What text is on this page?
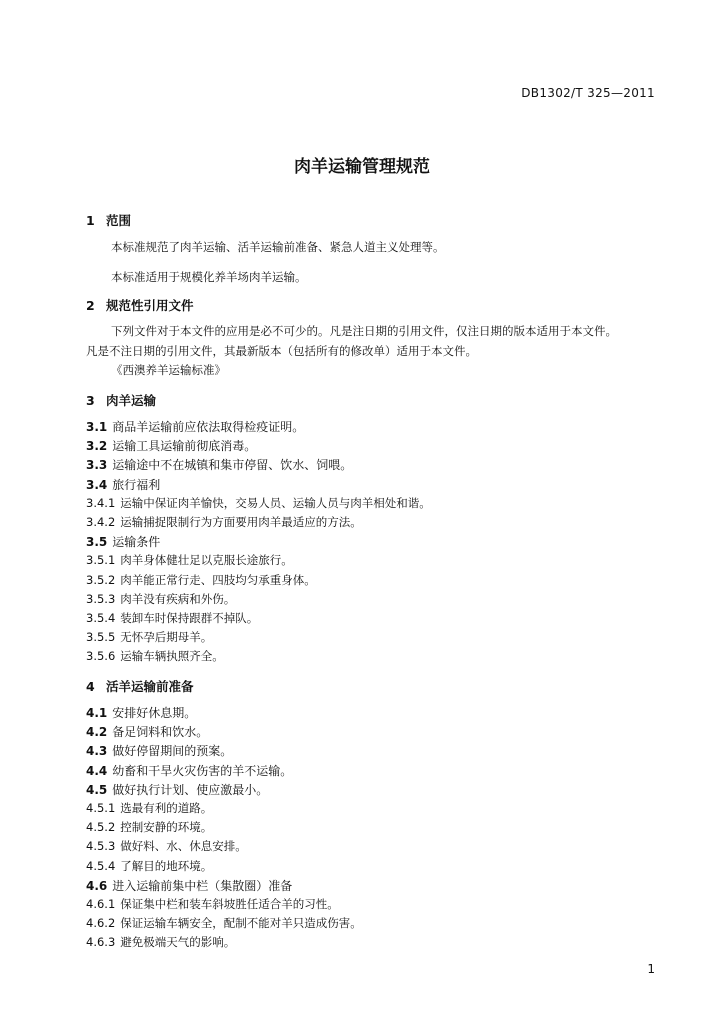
DB1302/T 325—2011
肉羊运输管理规范
1 范围
本标准规范了肉羊运输、活羊运输前准备、紧急人道主义处理等。
本标准适用于规模化养羊场肉羊运输。
2 规范性引用文件
下列文件对于本文件的应用是必不可少的。凡是注日期的引用文件，仅注日期的版本适用于本文件。
凡是不注日期的引用文件，其最新版本（包括所有的修改单）适用于本文件。
《西澳养羊运输标准》
3 肉羊运输
3.1 商品羊运输前应依法取得检疫证明。
3.2 运输工具运输前彻底消毒。
3.3 运输途中不在城镇和集市停留、饮水、饲喂。
3.4 旅行福利
3.4.1 运输中保证肉羊愉快，交易人员、运输人员与肉羊相处和谐。
3.4.2 运输捕捉限制行为方面要用肉羊最适应的方法。
3.5 运输条件
3.5.1 肉羊身体健壮足以克服长途旅行。
3.5.2 肉羊能正常行走、四肢均匀承重身体。
3.5.3 肉羊没有疾病和外伤。
3.5.4 装卸车时保持跟群不掉队。
3.5.5 无怀孕后期母羊。
3.5.6 运输车辆执照齐全。
4 活羊运输前准备
4.1 安排好休息期。
4.2 备足饲料和饮水。
4.3 做好停留期间的预案。
4.4 幼畜和干旱火灾伤害的羊不运输。
4.5 做好执行计划、使应激最小。
4.5.1 选最有利的道路。
4.5.2 控制安静的环境。
4.5.3 做好料、水、休息安排。
4.5.4 了解目的地环境。
4.6 进入运输前集中栏（集散圈）准备
4.6.1 保证集中栏和装车斜坡胜任适合羊的习性。
4.6.2 保证运输车辆安全，配制不能对羊只造成伤害。
4.6.3 避免极端天气的影响。
1
